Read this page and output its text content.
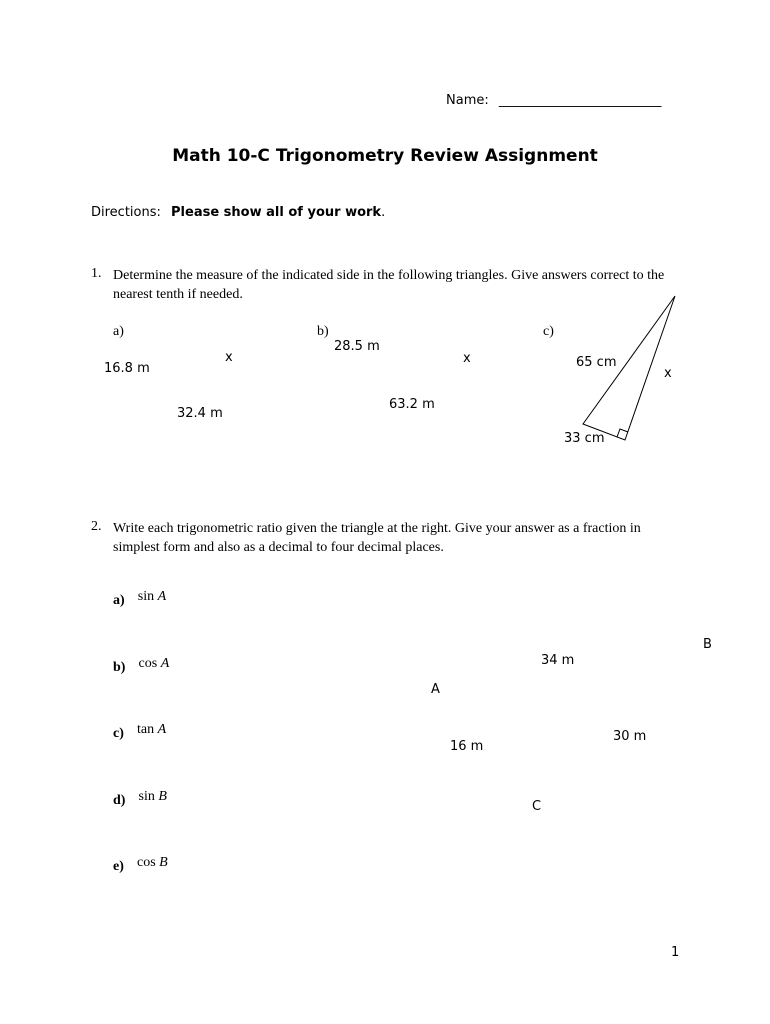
Name: _________________________
Math 10-C Trigonometry Review Assignment
Directions: Please show all of your work.
1. Determine the measure of the indicated side in the following triangles. Give answers correct to the nearest tenth if needed.
a)
16.8 m
x
32.4 m
b)
28.5 m
x
63.2 m
c)
65 cm
x
33 cm
2. Write each trigonometric ratio given the triangle at the right. Give your answer as a fraction in simplest form and also as a decimal to four decimal places.
a) sin A
b) cos A
c) tan A
d) sin B
e) cos B
B
34 m
A
30 m
16 m
C
1
